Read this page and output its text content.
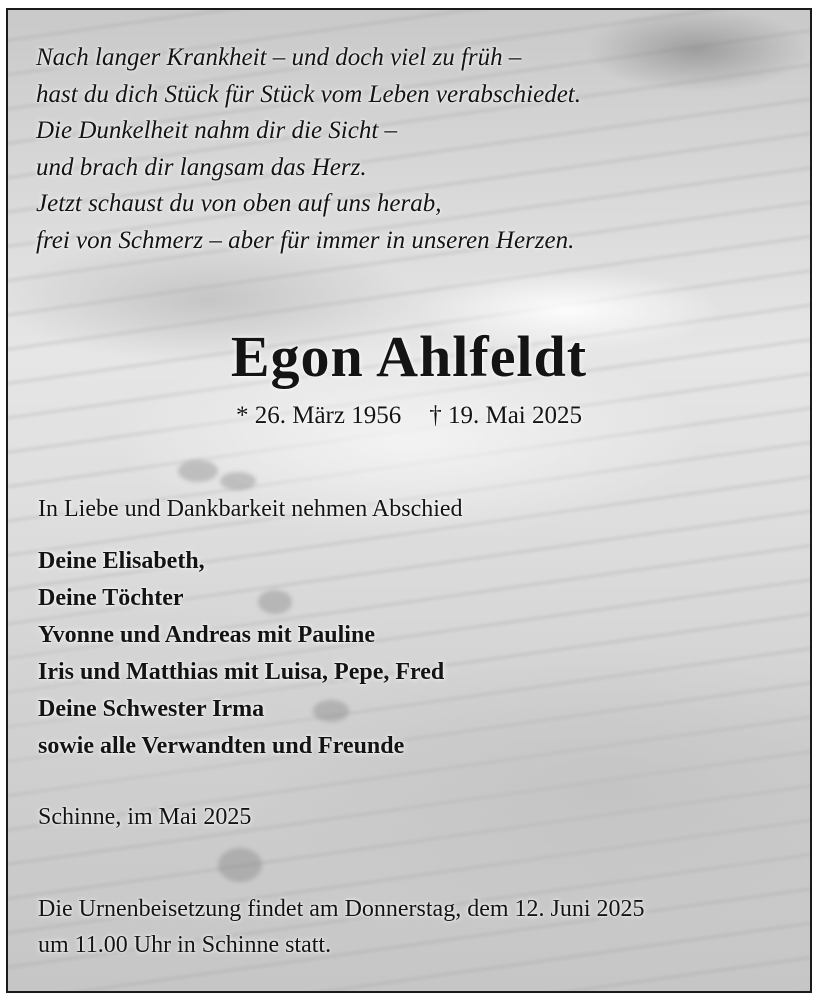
Nach langer Krankheit – und doch viel zu früh –
hast du dich Stück für Stück vom Leben verabschiedet.
Die Dunkelheit nahm dir die Sicht –
und brach dir langsam das Herz.
Jetzt schaust du von oben auf uns herab,
frei von Schmerz – aber für immer in unseren Herzen.
Egon Ahlfeldt
* 26. März 1956 † 19. Mai 2025
In Liebe und Dankbarkeit nehmen Abschied
Deine Elisabeth,
Deine Töchter
Yvonne und Andreas mit Pauline
Iris und Matthias mit Luisa, Pepe, Fred
Deine Schwester Irma
sowie alle Verwandten und Freunde
Schinne, im Mai 2025
Die Urnenbeisetzung findet am Donnerstag, dem 12. Juni 2025
um 11.00 Uhr in Schinne statt.
